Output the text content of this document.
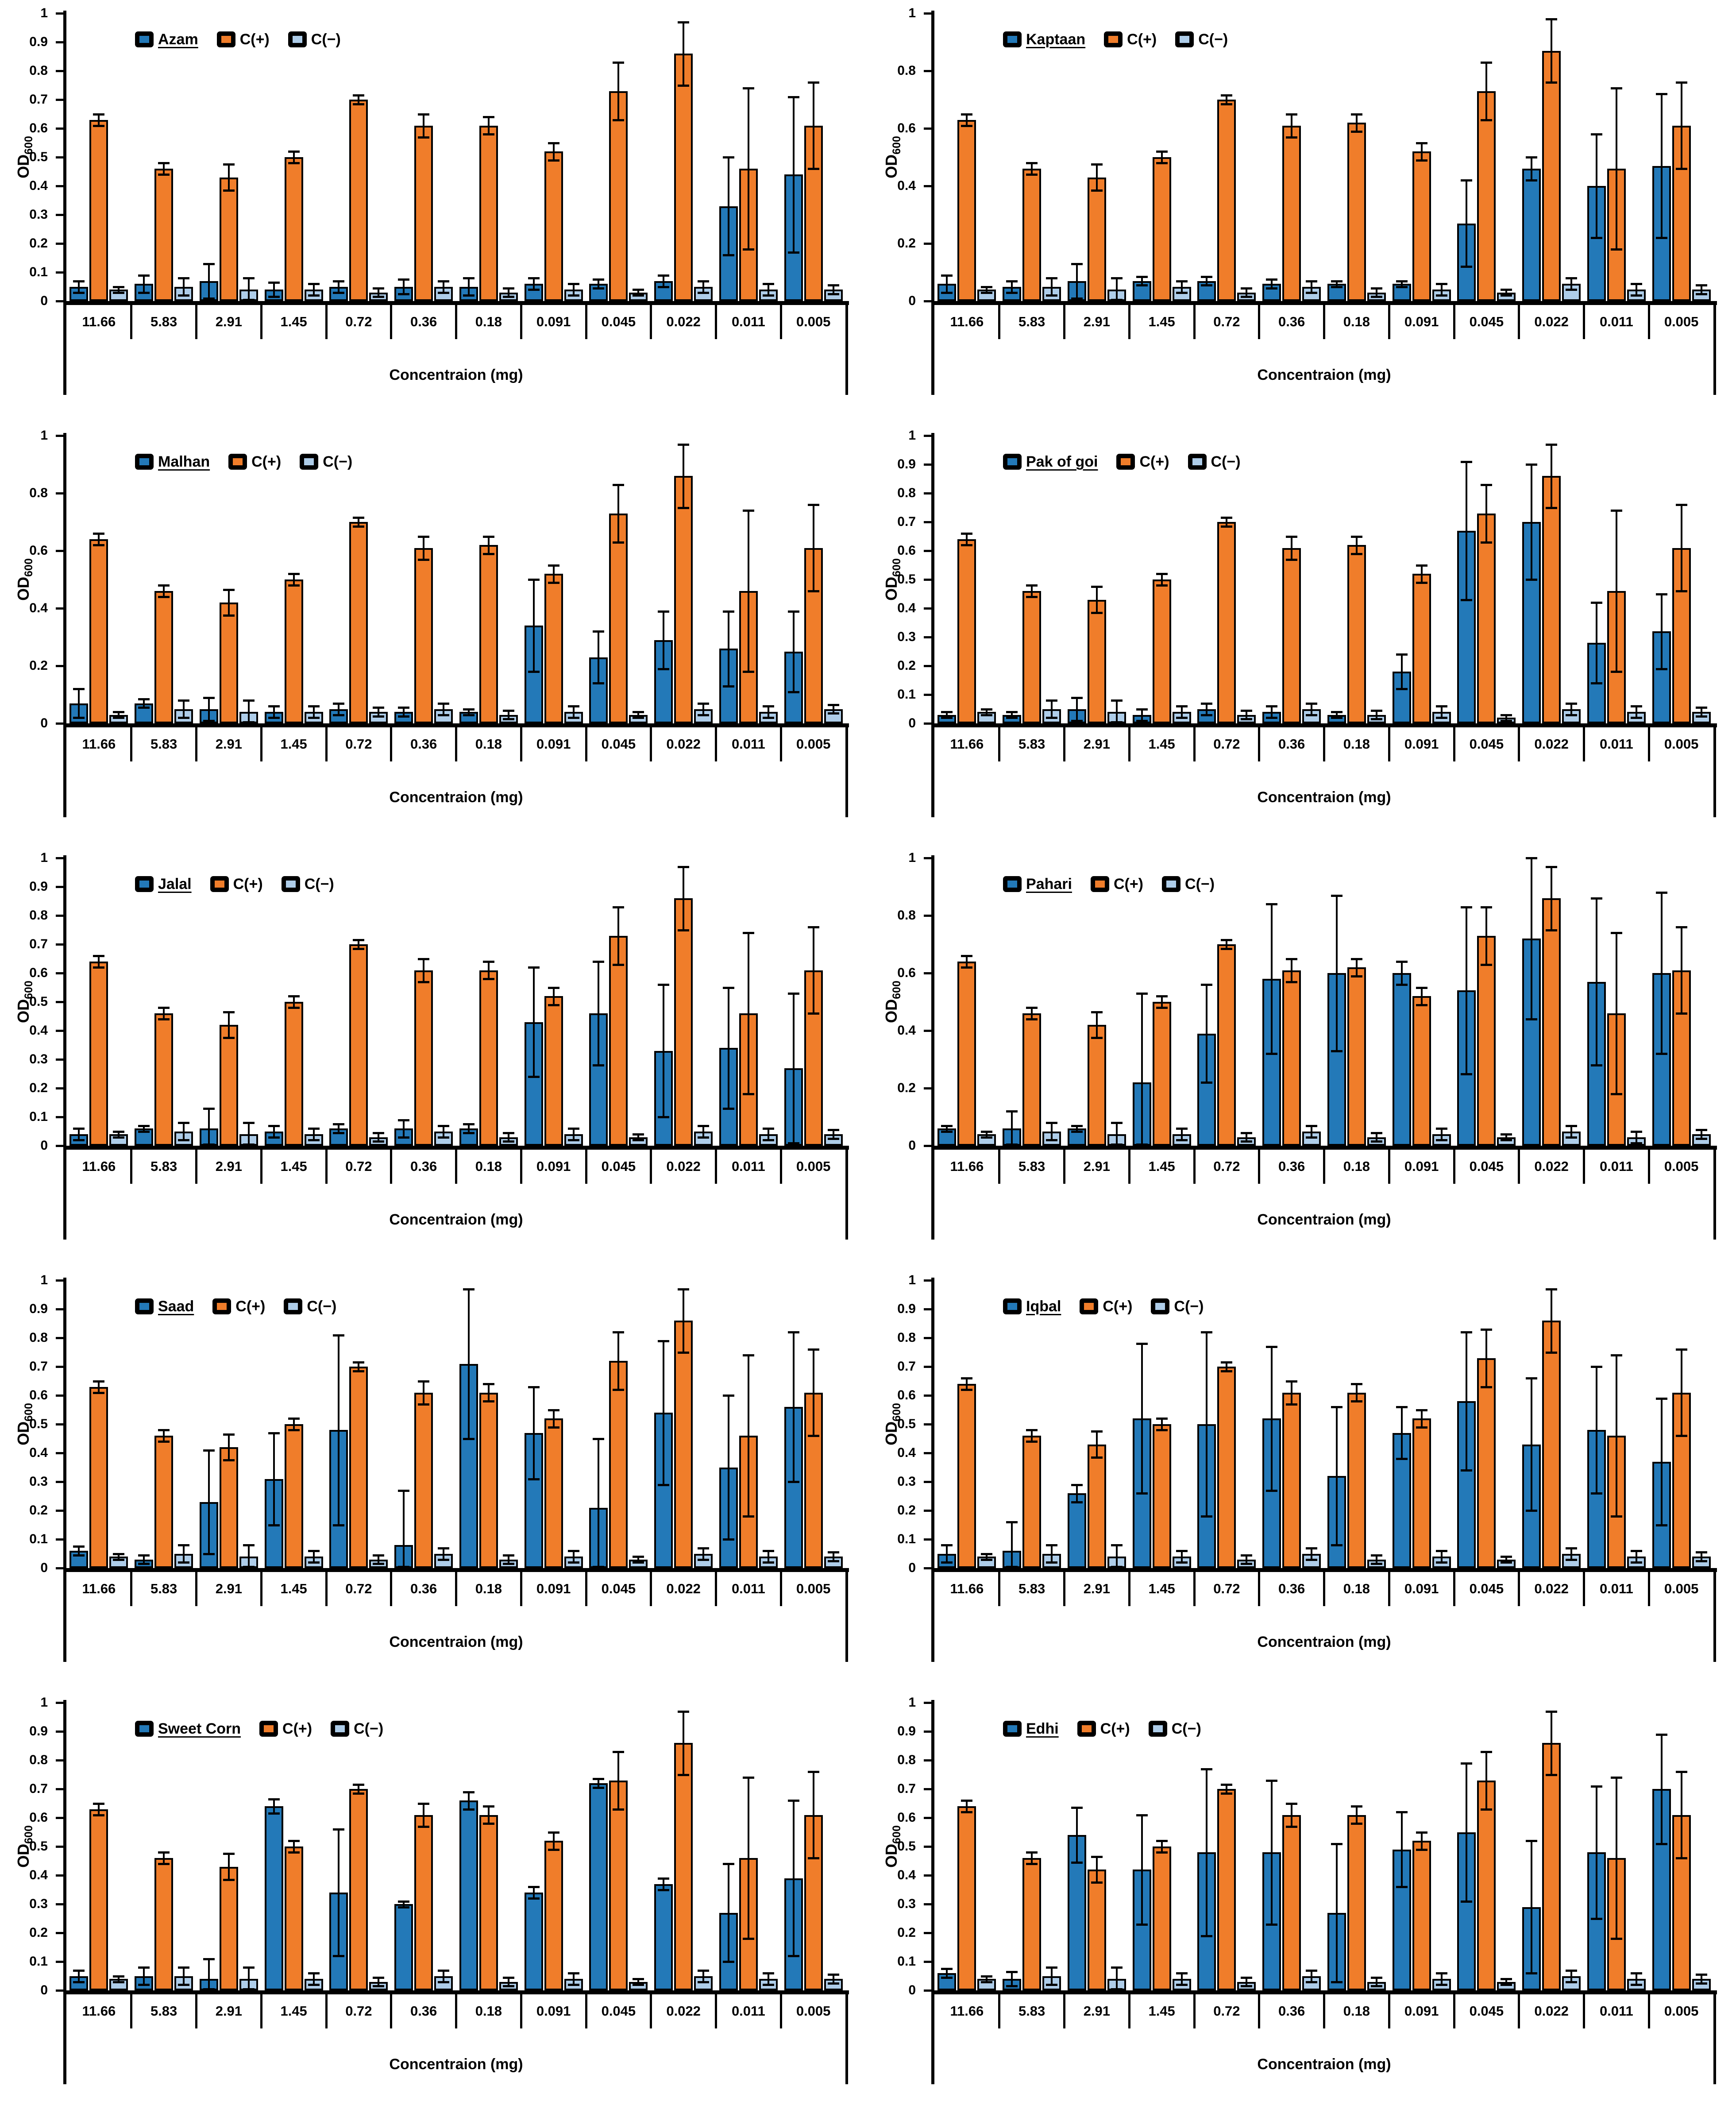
$OD_{600}$
0
0.1
0.2
0.3
0.4
0.5
0.6
0.7
0.8
0.9
1
11.66	5.83	2.91	1.45	0.72	0.36	0.18	0.091	0.045	0.022	0.011	0.005
Concentraion (mg)
Azam	C(+)	C(−)
$OD_{600}$
0
0.2
0.4
0.6
0.8
1
11.66	5.83	2.91	1.45	0.72	0.36	0.18	0.091	0.045	0.022	0.011	0.005
Concentraion (mg)
Kaptaan	C(+)	C(−)
$OD_{600}$
0
0.2
0.4
0.6
0.8
1
11.66	5.83	2.91	1.45	0.72	0.36	0.18	0.091	0.045	0.022	0.011	0.005
Concentraion (mg)
Malhan	C(+)	C(−)
$OD_{600}$
0
0.1
0.2
0.3
0.4
0.5
0.6
0.7
0.8
0.9
1
11.66	5.83	2.91	1.45	0.72	0.36	0.18	0.091	0.045	0.022	0.011	0.005
Concentraion (mg)
Pak of goi	C(+)	C(−)
$OD_{600}$
0
0.1
0.2
0.3
0.4
0.5
0.6
0.7
0.8
0.9
1
11.66	5.83	2.91	1.45	0.72	0.36	0.18	0.091	0.045	0.022	0.011	0.005
Concentraion (mg)
Jalal	C(+)	C(−)
$OD_{600}$
0
0.2
0.4
0.6
0.8
1
11.66	5.83	2.91	1.45	0.72	0.36	0.18	0.091	0.045	0.022	0.011	0.005
Concentraion (mg)
Pahari	C(+)	C(−)
$OD_{600}$
0
0.1
0.2
0.3
0.4
0.5
0.6
0.7
0.8
0.9
1
11.66	5.83	2.91	1.45	0.72	0.36	0.18	0.091	0.045	0.022	0.011	0.005
Concentraion (mg)
Saad	C(+)	C(−)
$OD_{600}$
0
0.1
0.2
0.3
0.4
0.5
0.6
0.7
0.8
0.9
1
11.66	5.83	2.91	1.45	0.72	0.36	0.18	0.091	0.045	0.022	0.011	0.005
Concentraion (mg)
Iqbal	C(+)	C(−)
$OD_{600}$
0
0.1
0.2
0.3
0.4
0.5
0.6
0.7
0.8
0.9
1
11.66	5.83	2.91	1.45	0.72	0.36	0.18	0.091	0.045	0.022	0.011	0.005
Concentraion (mg)
Sweet Corn	C(+)	C(−)
$OD_{600}$
0
0.1
0.2
0.3
0.4
0.5
0.6
0.7
0.8
0.9
1
11.66	5.83	2.91	1.45	0.72	0.36	0.18	0.091	0.045	0.022	0.011	0.005
Concentraion (mg)
Edhi	C(+)	C(−)
